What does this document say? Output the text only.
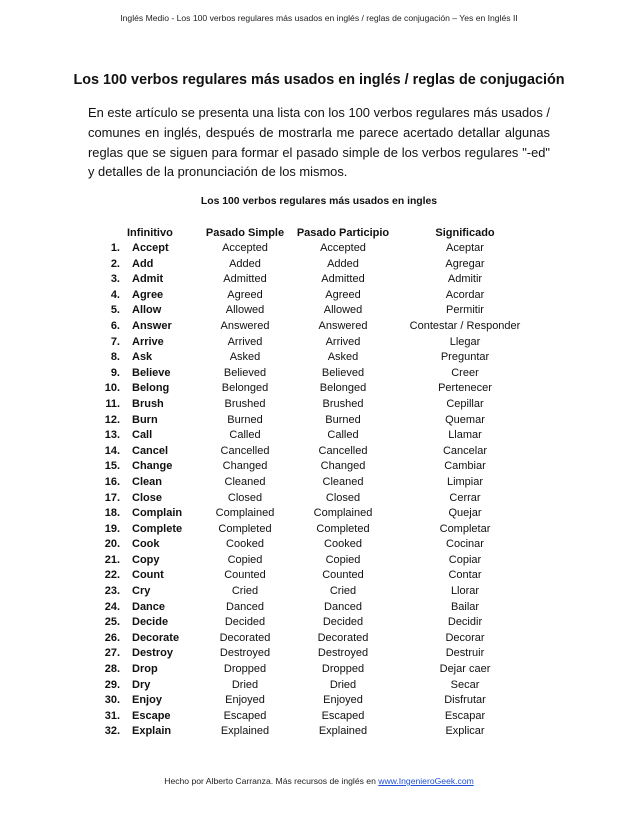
Inglés Medio - Los 100 verbos regulares más usados en inglés / reglas de conjugación – Yes en Inglés II
Los 100 verbos regulares más usados en inglés / reglas de conjugación

En este artículo se presenta una lista con los 100 verbos regulares más usados / comunes en inglés, después de mostrarla me parece acertado detallar algunas reglas que se siguen para formar el pasado simple de los verbos regulares "-ed" y detalles de la pronunciación de los mismos.

Los 100 verbos regulares más usados en ingles
Infinitivo	Pasado Simple	Pasado Participio	Significado
1. Accept	Accepted	Accepted	Aceptar
2. Add	Added	Added	Agregar
3. Admit	Admitted	Admitted	Admitir
4. Agree	Agreed	Agreed	Acordar
5. Allow	Allowed	Allowed	Permitir
6. Answer	Answered	Answered	Contestar / Responder
7. Arrive	Arrived	Arrived	Llegar
8. Ask	Asked	Asked	Preguntar
9. Believe	Believed	Believed	Creer
10. Belong	Belonged	Belonged	Pertenecer
11. Brush	Brushed	Brushed	Cepillar
12. Burn	Burned	Burned	Quemar
13. Call	Called	Called	Llamar
14. Cancel	Cancelled	Cancelled	Cancelar
15. Change	Changed	Changed	Cambiar
16. Clean	Cleaned	Cleaned	Limpiar
17. Close	Closed	Closed	Cerrar
18. Complain	Complained	Complained	Quejar
19. Complete	Completed	Completed	Completar
20. Cook	Cooked	Cooked	Cocinar
21. Copy	Copied	Copied	Copiar
22. Count	Counted	Counted	Contar
23. Cry	Cried	Cried	Llorar
24. Dance	Danced	Danced	Bailar
25. Decide	Decided	Decided	Decidir
26. Decorate	Decorated	Decorated	Decorar
27. Destroy	Destroyed	Destroyed	Destruir
28. Drop	Dropped	Dropped	Dejar caer
29. Dry	Dried	Dried	Secar
30. Enjoy	Enjoyed	Enjoyed	Disfrutar
31. Escape	Escaped	Escaped	Escapar
32. Explain	Explained	Explained	Explicar
Hecho por Alberto Carranza. Más recursos de inglés en www.IngenieroGeek.com
